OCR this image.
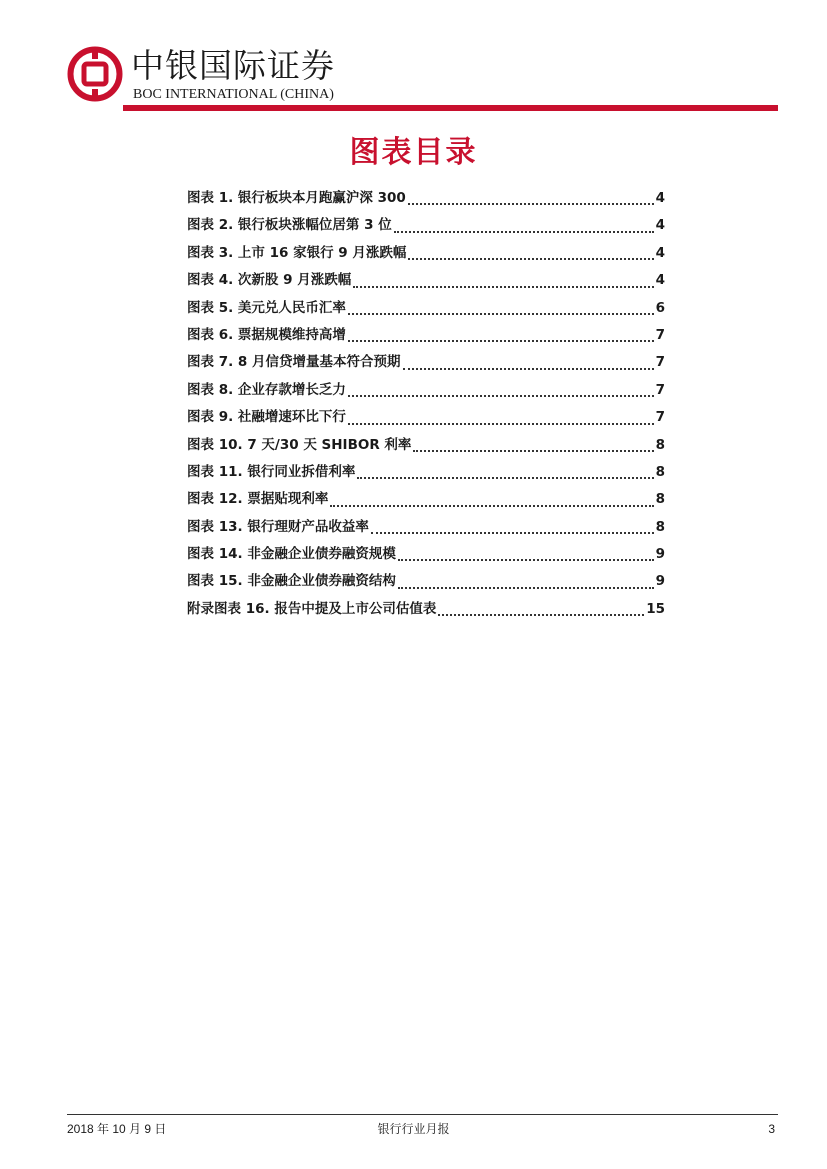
中银国际证券
BOC INTERNATIONAL (CHINA)
图表目录
图表 1. 银行板块本月跑赢沪深 300	4
图表 2. 银行板块涨幅位居第 3 位	4
图表 3. 上市 16 家银行 9 月涨跌幅	4
图表 4. 次新股 9 月涨跌幅	4
图表 5. 美元兑人民币汇率	6
图表 6. 票据规模维持高增	7
图表 7. 8 月信贷增量基本符合预期	7
图表 8. 企业存款增长乏力	7
图表 9. 社融增速环比下行	7
图表 10. 7 天/30 天 SHIBOR 利率	8
图表 11. 银行同业拆借利率	8
图表 12. 票据贴现利率	8
图表 13. 银行理财产品收益率	8
图表 14. 非金融企业债券融资规模	9
图表 15. 非金融企业债券融资结构	9
附录图表 16. 报告中提及上市公司估值表	15
2018 年 10 月 9 日	银行行业月报	3
